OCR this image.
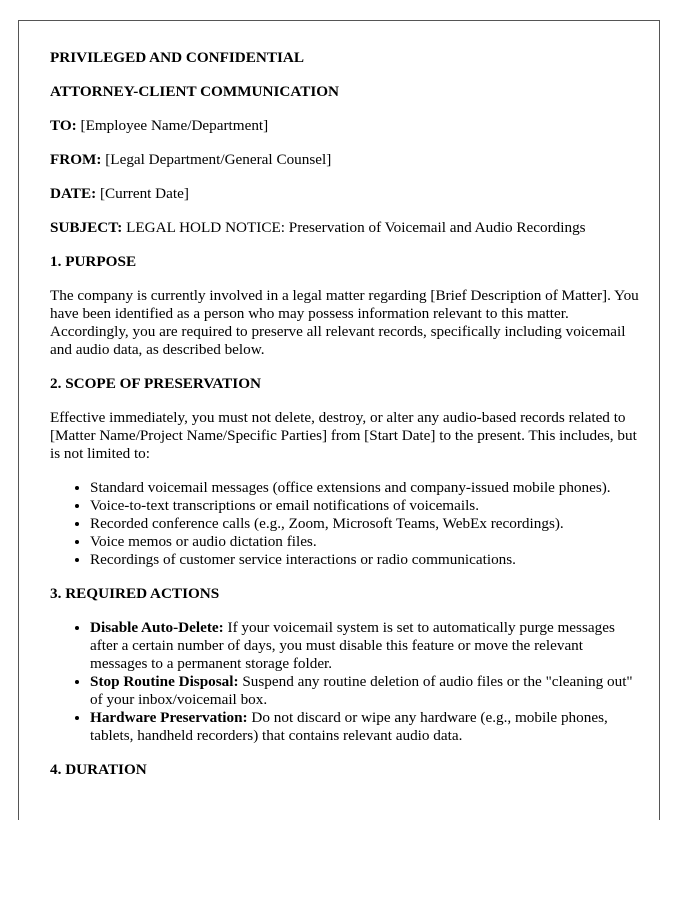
PRIVILEGED AND CONFIDENTIAL
ATTORNEY-CLIENT COMMUNICATION
TO: [Employee Name/Department]
FROM: [Legal Department/General Counsel]
DATE: [Current Date]
SUBJECT: LEGAL HOLD NOTICE: Preservation of Voicemail and Audio Recordings
1. PURPOSE

The company is currently involved in a legal matter regarding [Brief Description of Matter]. You have been identified as a person who may possess information relevant to this matter. Accordingly, you are required to preserve all relevant records, specifically including voicemail and audio data, as described below.

2. SCOPE OF PRESERVATION

Effective immediately, you must not delete, destroy, or alter any audio-based records related to [Matter Name/Project Name/Specific Parties] from [Start Date] to the present. This includes, but is not limited to:

• Standard voicemail messages (office extensions and company-issued mobile phones).
• Voice-to-text transcriptions or email notifications of voicemails.
• Recorded conference calls (e.g., Zoom, Microsoft Teams, WebEx recordings).
• Voice memos or audio dictation files.
• Recordings of customer service interactions or radio communications.
3. REQUIRED ACTIONS
• Disable Auto-Delete: If your voicemail system is set to automatically purge messages after a certain number of days, you must disable this feature or move the relevant messages to a permanent storage folder.
• Stop Routine Disposal: Suspend any routine deletion of audio files or the "cleaning out" of your inbox/voicemail box.
• Hardware Preservation: Do not discard or wipe any hardware (e.g., mobile phones, tablets, handheld recorders) that contains relevant audio data.
4. DURATION
